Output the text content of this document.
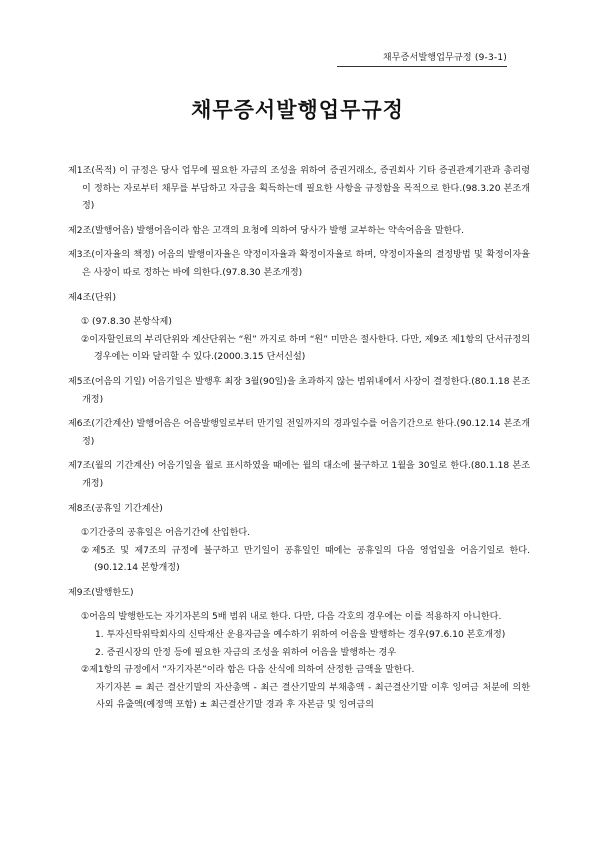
채무증서발행업무규정 (9-3-1)
채무증서발행업무규정

제1조(목적) 이 규정은 당사 업무에 필요한 자금의 조성을 위하여 증권거래소, 증권회사 기타 증권관계기관과 총리령이 정하는 자로부터 채무를 부담하고 자금을 획득하는데 필요한 사항을 규정함을 목적으로 한다.(98.3.20 본조개정)

제2조(발행어음) 발행어음이라 함은 고객의 요청에 의하여 당사가 발행 교부하는 약속어음을 말한다.

제3조(이자율의 책정) 어음의 발행이자율은 약정이자율과 확정이자율로 하며, 약정이자율의 결정방법 및 확정이자율은 사장이 따로 정하는 바에 의한다.(97.8.30 본조개정)

제4조(단위)

① (97.8.30 본항삭제)

②이자할인료의 부리단위와 계산단위는 “원” 까지로 하며 “원” 미만은 절사한다. 다만, 제9조 제1항의 단서규정의 경우에는 이와 달리할 수 있다.(2000.3.15 단서신설)

제5조(어음의 기일) 어음기일은 발행후 최장 3월(90일)을 초과하지 않는 범위내에서 사장이 결정한다.(80.1.18 본조개정)

제6조(기간계산) 발행어음은 어음발행일로부터 만기일 전일까지의 경과일수를 어음기간으로 한다.(90.12.14 본조개정)

제7조(월의 기간계산) 어음기일을 월로 표시하였을 때에는 월의 대소에 불구하고 1월을 30일로 한다.(80.1.18 본조개정)

제8조(공휴일 기간계산)

①기간중의 공휴일은 어음기간에 산입한다.

②제5조 및 제7조의 규정에 불구하고 만기일이 공휴일인 때에는 공휴일의 다음 영업일을 어음기일로 한다.(90.12.14 본항개정)

제9조(발행한도)

①어음의 발행한도는 자기자본의 5배 범위 내로 한다. 다만, 다음 각호의 경우에는 이를 적용하지 아니한다.

1. 투자신탁위탁회사의 신탁재산 운용자금을 예수하기 위하여 어음을 발행하는 경우(97.6.10 본호개정)

2. 증권시장의 안정 등에 필요한 자금의 조성을 위하여 어음을 발행하는 경우

②제1항의 규정에서 “자기자본”이라 함은 다음 산식에 의하여 산정한 금액을 말한다.

자기자본 = 최근 결산기말의 자산총액 - 최근 결산기말의 부채총액 - 최근결산기말 이후 잉여금 처분에 의한 사외 유출액(예정액 포함) ± 최근결산기말 경과 후 자본금 및 잉여금의
